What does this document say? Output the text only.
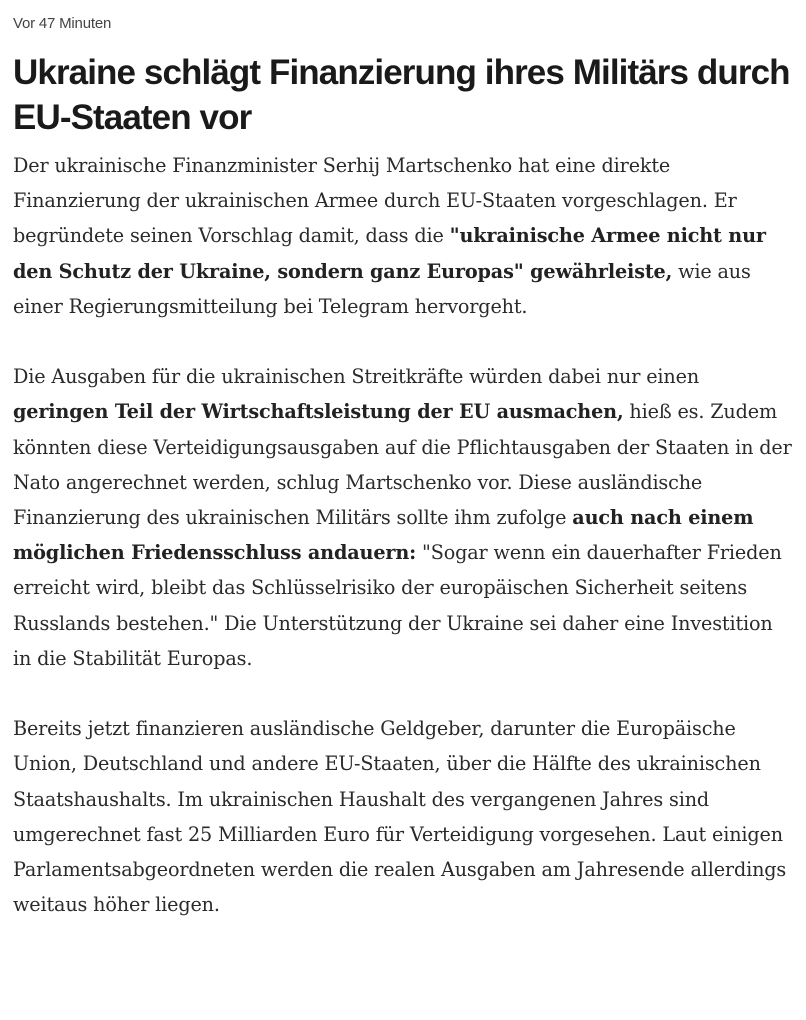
Vor 47 Minuten
Ukraine schlägt Finanzierung ihres Militärs durch EU-Staaten vor

Der ukrainische Finanzminister Serhij Martschenko hat eine direkte Finanzierung der ukrainischen Armee durch EU-Staaten vorgeschlagen. Er begründete seinen Vorschlag damit, dass die "ukrainische Armee nicht nur den Schutz der Ukraine, sondern ganz Europas" gewährleiste, wie aus einer Regierungsmitteilung bei Telegram hervorgeht.

Die Ausgaben für die ukrainischen Streitkräfte würden dabei nur einen geringen Teil der Wirtschaftsleistung der EU ausmachen, hieß es. Zudem könnten diese Verteidigungsausgaben auf die Pflichtausgaben der Staaten in der Nato angerechnet werden, schlug Martschenko vor. Diese ausländische Finanzierung des ukrainischen Militärs sollte ihm zufolge auch nach einem möglichen Friedensschluss andauern: "Sogar wenn ein dauerhafter Frieden erreicht wird, bleibt das Schlüsselrisiko der europäischen Sicherheit seitens Russlands bestehen." Die Unterstützung der Ukraine sei daher eine Investition in die Stabilität Europas.

Bereits jetzt finanzieren ausländische Geldgeber, darunter die Europäische Union, Deutschland und andere EU-Staaten, über die Hälfte des ukrainischen Staatshaushalts. Im ukrainischen Haushalt des vergangenen Jahres sind umgerechnet fast 25 Milliarden Euro für Verteidigung vorgesehen. Laut einigen Parlamentsabgeordneten werden die realen Ausgaben am Jahresende allerdings weitaus höher liegen.
